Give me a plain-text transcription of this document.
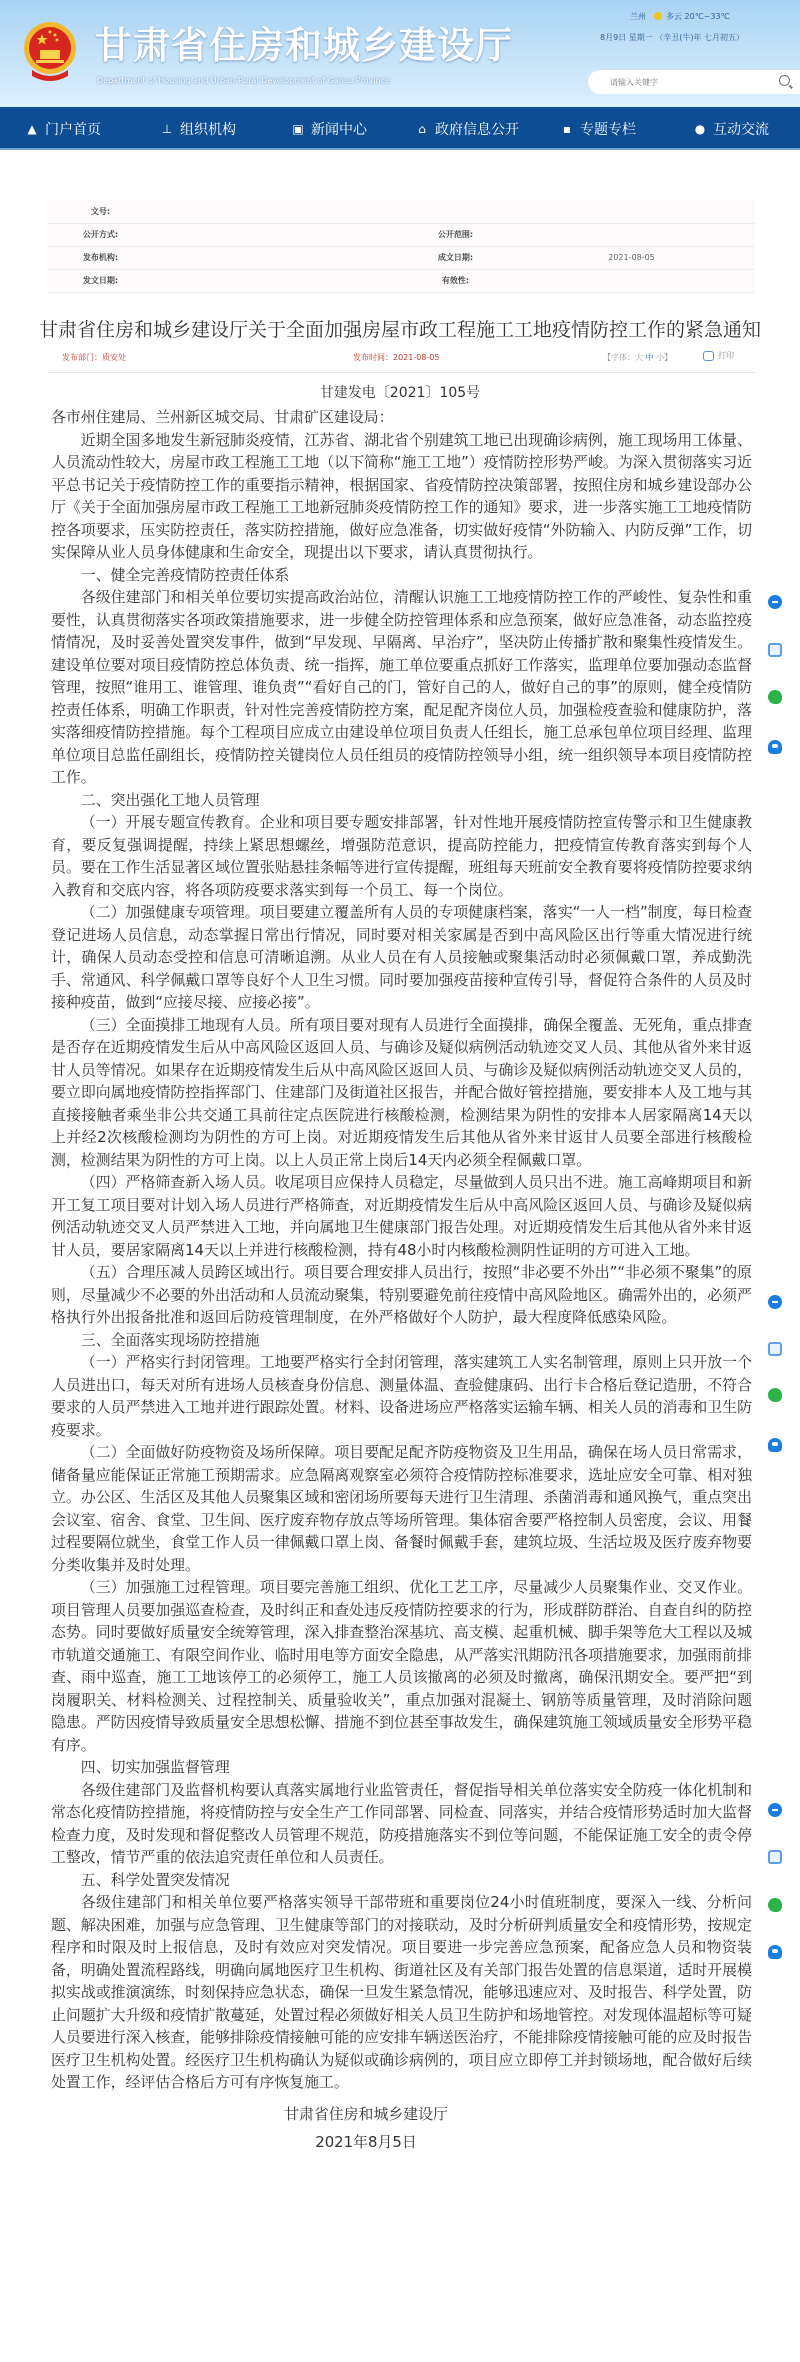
甘肃省住房和城乡建设厅
Department of Housing and Urban-Rural Development of Gansu Province
兰州	多云 20℃~33℃
8月9日 星期一 （辛丑(牛)年 七月初五）
请输入关键字
▲ 门户首页	⊥ 组织机构	▣ 新闻中心	⌂ 政府信息公开	▪ 专题专栏	● 互动交流
文号:			
公开方式:		公开范围:	
发布机构:		成文日期:	2021-08-05
发文日期:		有效性:	
甘肃省住房和城乡建设厅关于全面加强房屋市政工程施工工地疫情防控工作的紧急通知
发布部门：质安处	发布时间：2021-08-05	【字体：大 中 小】	打印
甘建发电〔2021〕105号

各市州住建局、兰州新区城交局、甘肃矿区建设局：

近期全国多地发生新冠肺炎疫情，江苏省、湖北省个别建筑工地已出现确诊病例，施工现场用工体量、人员流动性较大，房屋市政工程施工工地（以下简称“施工工地”）疫情防控形势严峻。为深入贯彻落实习近平总书记关于疫情防控工作的重要指示精神，根据国家、省疫情防控决策部署，按照住房和城乡建设部办公厅《关于全面加强房屋市政工程施工工地新冠肺炎疫情防控工作的通知》要求，进一步落实施工工地疫情防控各项要求，压实防控责任，落实防控措施，做好应急准备，切实做好疫情“外防输入、内防反弹”工作，切实保障从业人员身体健康和生命安全，现提出以下要求，请认真贯彻执行。

一、健全完善疫情防控责任体系

各级住建部门和相关单位要切实提高政治站位，清醒认识施工工地疫情防控工作的严峻性、复杂性和重要性，认真贯彻落实各项政策措施要求，进一步健全防控管理体系和应急预案，做好应急准备，动态监控疫情情况，及时妥善处置突发事件，做到“早发现、早隔离、早治疗”，坚决防止传播扩散和聚集性疫情发生。建设单位要对项目疫情防控总体负责、统一指挥，施工单位要重点抓好工作落实，监理单位要加强动态监督管理，按照“谁用工、谁管理、谁负责”“看好自己的门，管好自己的人，做好自己的事”的原则，健全疫情防控责任体系，明确工作职责，针对性完善疫情防控方案，配足配齐岗位人员，加强检疫查验和健康防护，落实落细疫情防控措施。每个工程项目应成立由建设单位项目负责人任组长，施工总承包单位项目经理、监理单位项目总监任副组长，疫情防控关键岗位人员任组员的疫情防控领导小组，统一组织领导本项目疫情防控工作。

二、突出强化工地人员管理

（一）开展专题宣传教育。企业和项目要专题安排部署，针对性地开展疫情防控宣传警示和卫生健康教育，要反复强调提醒，持续上紧思想螺丝，增强防范意识，提高防控能力，把疫情宣传教育落实到每个人员。要在工作生活显著区域位置张贴悬挂条幅等进行宣传提醒，班组每天班前安全教育要将疫情防控要求纳入教育和交底内容，将各项防疫要求落实到每一个员工、每一个岗位。

（二）加强健康专项管理。项目要建立覆盖所有人员的专项健康档案，落实“一人一档”制度，每日检查登记进场人员信息，动态掌握日常出行情况，同时要对相关家属是否到中高风险区出行等重大情况进行统计，确保人员动态受控和信息可清晰追溯。从业人员在有人员接触或聚集活动时必须佩戴口罩，养成勤洗手、常通风、科学佩戴口罩等良好个人卫生习惯。同时要加强疫苗接种宣传引导，督促符合条件的人员及时接种疫苗，做到“应接尽接、应接必接”。

（三）全面摸排工地现有人员。所有项目要对现有人员进行全面摸排，确保全覆盖、无死角，重点排查是否存在近期疫情发生后从中高风险区返回人员、与确诊及疑似病例活动轨迹交叉人员、其他从省外来甘返甘人员等情况。如果存在近期疫情发生后从中高风险区返回人员、与确诊及疑似病例活动轨迹交叉人员的，要立即向属地疫情防控指挥部门、住建部门及街道社区报告，并配合做好管控措施，要安排本人及工地与其直接接触者乘坐非公共交通工具前往定点医院进行核酸检测，检测结果为阴性的安排本人居家隔离14天以上并经2次核酸检测均为阴性的方可上岗。对近期疫情发生后其他从省外来甘返甘人员要全部进行核酸检测，检测结果为阴性的方可上岗。以上人员正常上岗后14天内必须全程佩戴口罩。

（四）严格筛查新入场人员。收尾项目应保持人员稳定，尽量做到人员只出不进。施工高峰期项目和新开工复工项目要对计划入场人员进行严格筛查，对近期疫情发生后从中高风险区返回人员、与确诊及疑似病例活动轨迹交叉人员严禁进入工地，并向属地卫生健康部门报告处理。对近期疫情发生后其他从省外来甘返甘人员，要居家隔离14天以上并进行核酸检测，持有48小时内核酸检测阴性证明的方可进入工地。

（五）合理压减人员跨区域出行。项目要合理安排人员出行，按照“非必要不外出”“非必须不聚集”的原则，尽量减少不必要的外出活动和人员流动聚集，特别要避免前往疫情中高风险地区。确需外出的，必须严格执行外出报备批准和返回后防疫管理制度，在外严格做好个人防护，最大程度降低感染风险。

三、全面落实现场防控措施

（一）严格实行封闭管理。工地要严格实行全封闭管理，落实建筑工人实名制管理，原则上只开放一个人员进出口，每天对所有进场人员核查身份信息、测量体温、查验健康码、出行卡合格后登记造册，不符合要求的人员严禁进入工地并进行跟踪处置。材料、设备进场应严格落实运输车辆、相关人员的消毒和卫生防疫要求。

（二）全面做好防疫物资及场所保障。项目要配足配齐防疫物资及卫生用品，确保在场人员日常需求，储备量应能保证正常施工预期需求。应急隔离观察室必须符合疫情防控标准要求，选址应安全可靠、相对独立。办公区、生活区及其他人员聚集区域和密闭场所要每天进行卫生清理、杀菌消毒和通风换气，重点突出会议室、宿舍、食堂、卫生间、医疗废弃物存放点等场所管理。集体宿舍要严格控制人员密度，会议、用餐过程要隔位就坐，食堂工作人员一律佩戴口罩上岗、备餐时佩戴手套，建筑垃圾、生活垃圾及医疗废弃物要分类收集并及时处理。

（三）加强施工过程管理。项目要完善施工组织、优化工艺工序，尽量减少人员聚集作业、交叉作业。项目管理人员要加强巡查检查，及时纠正和查处违反疫情防控要求的行为，形成群防群治、自查自纠的防控态势。同时要做好质量安全统筹管理，深入排查整治深基坑、高支模、起重机械、脚手架等危大工程以及城市轨道交通施工、有限空间作业、临时用电等方面安全隐患，从严落实汛期防汛各项措施要求，加强雨前排查、雨中巡查，施工工地该停工的必须停工，施工人员该撤离的必须及时撤离，确保汛期安全。要严把“到岗履职关、材料检测关、过程控制关、质量验收关”，重点加强对混凝土、钢筋等质量管理，及时消除问题隐患。严防因疫情导致质量安全思想松懈、措施不到位甚至事故发生，确保建筑施工领域质量安全形势平稳有序。

四、切实加强监督管理

各级住建部门及监督机构要认真落实属地行业监管责任，督促指导相关单位落实安全防疫一体化机制和常态化疫情防控措施，将疫情防控与安全生产工作同部署、同检查、同落实，并结合疫情形势适时加大监督检查力度，及时发现和督促整改人员管理不规范，防疫措施落实不到位等问题，不能保证施工安全的责令停工整改，情节严重的依法追究责任单位和人员责任。

五、科学处置突发情况

各级住建部门和相关单位要严格落实领导干部带班和重要岗位24小时值班制度，要深入一线、分析问题、解决困难，加强与应急管理、卫生健康等部门的对接联动，及时分析研判质量安全和疫情形势，按规定程序和时限及时上报信息，及时有效应对突发情况。项目要进一步完善应急预案，配备应急人员和物资装备，明确处置流程路线，明确向属地医疗卫生机构、街道社区及有关部门报告处置的信息渠道，适时开展模拟实战或推演演练，时刻保持应急状态，确保一旦发生紧急情况，能够迅速应对、及时报告、科学处置，防止问题扩大升级和疫情扩散蔓延，处置过程必须做好相关人员卫生防护和场地管控。对发现体温超标等可疑人员要进行深入核查，能够排除疫情接触可能的应安排车辆送医治疗，不能排除疫情接触可能的应及时报告医疗卫生机构处置。经医疗卫生机构确认为疑似或确诊病例的，项目应立即停工并封锁场地，配合做好后续处置工作，经评估合格后方可有序恢复施工。

甘肃省住房和城乡建设厅
2021年8月5日
